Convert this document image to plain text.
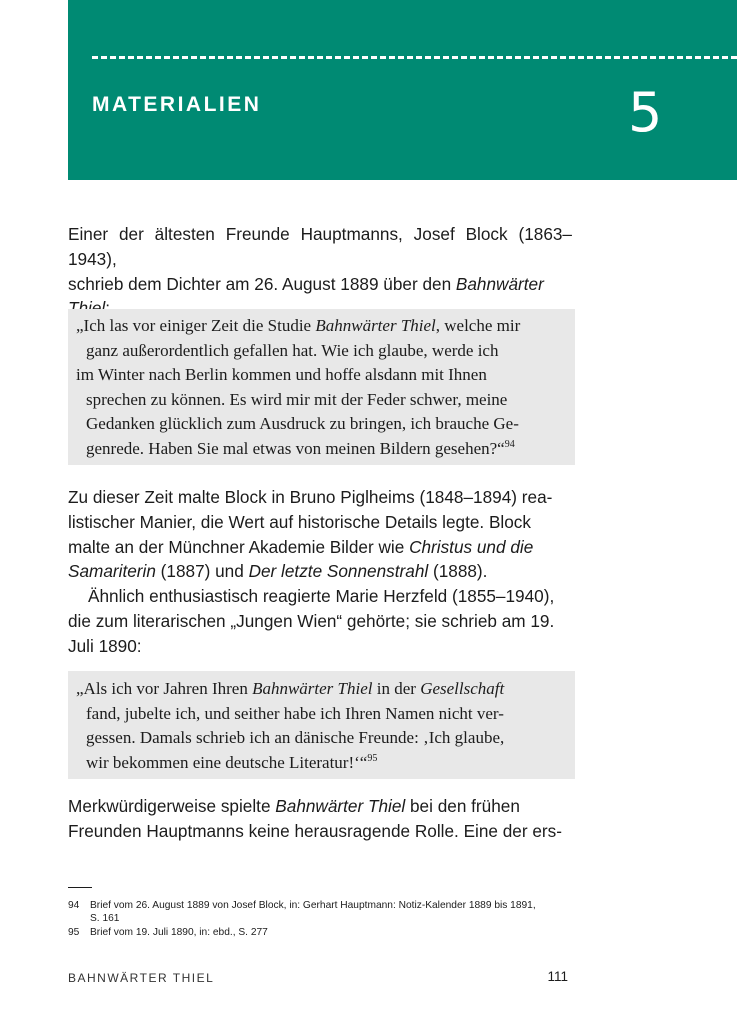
MATERIALIEN	5

Einer der ältesten Freunde Hauptmanns, Josef Block (1863–1943),
schrieb dem Dichter am 26. August 1889 über den Bahnwärter

„Ich las vor einiger Zeit die Studie Bahnwärter Thiel, welche mir
ganz außerordentlich gefallen hat. Wie ich glaube, werde ich
im Winter nach Berlin kommen und hoffe alsdann mit Ihnen
sprechen zu können. Es wird mir mit der Feder schwer, meine
Gedanken glücklich zum Ausdruck zu bringen, ich brauche Ge-
genrede. Haben Sie mal etwas von meinen Bildern gesehen?“$^{94}$

Zu dieser Zeit malte Block in Bruno Piglheims (1848–1894) rea-
listischer Manier, die Wert auf historische Details legte. Block
malte an der Münchner Akademie Bilder wie Christus und die
Samariterin (1887) und Der letzte Sonnenstrahl (1888).
Ähnlich enthusiastisch reagierte Marie Herzfeld (1855–1940),
die zum literarischen „Jungen Wien“ gehörte; sie schrieb am 19.
Juli 1890:

„Als ich vor Jahren Ihren Bahnwärter Thiel in der Gesellschaft
fand, jubelte ich, und seither habe ich Ihren Namen nicht ver-
gessen. Damals schrieb ich an dänische Freunde: ‚Ich glaube,
wir bekommen eine deutsche Literatur!‘“$^{95}$

Merkwürdigerweise spielte Bahnwärter Thiel bei den frühen
Freunden Hauptmanns keine herausragende Rolle. Eine der ers-

94 Brief vom 26. August 1889 von Josef Block, in: Gerhart Hauptmann: Notiz-Kalender 1889 bis 1891,
S. 161
95 Brief vom 19. Juli 1890, in: ebd., S. 277
BAHNWÄRTER THIEL	111
